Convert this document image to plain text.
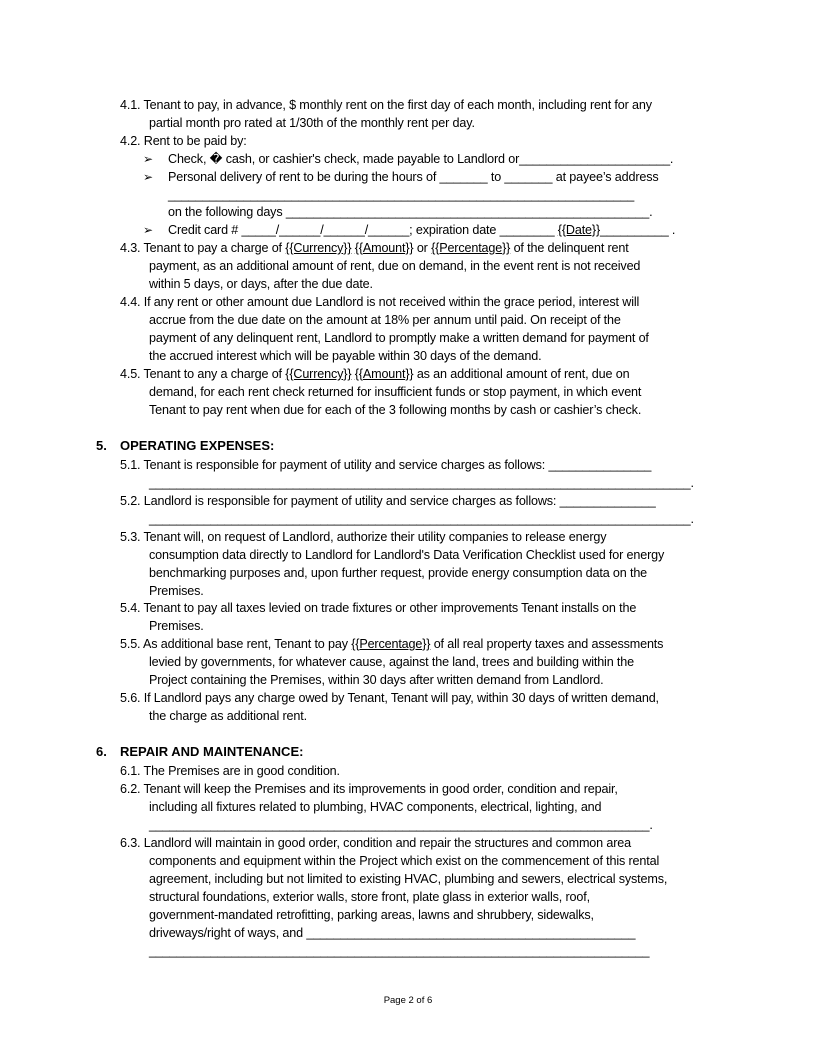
4.1. Tenant to pay, in advance, $ monthly rent on the first day of each month, including rent for any
partial month pro rated at 1/30th of the monthly rent per day.
4.2. Rent to be paid by:
➢ Check, � cash, or cashier's check, made payable to Landlord or______________________.
➢ Personal delivery of rent to be during the hours of _______ to _______ at payee’s address
____________________________________________________________________
on the following days _____________________________________________________.
➢ Credit card # _____/______/______/______; expiration date ________ {{Date}}__________ .
4.3. Tenant to pay a charge of {{Currency}} {{Amount}} or {{Percentage}} of the delinquent rent
payment, as an additional amount of rent, due on demand, in the event rent is not received
within 5 days, or days, after the due date.
4.4. If any rent or other amount due Landlord is not received within the grace period, interest will
accrue from the due date on the amount at 18% per annum until paid. On receipt of the
payment of any delinquent rent, Landlord to promptly make a written demand for payment of
the accrued interest which will be payable within 30 days of the demand.
4.5. Tenant to any a charge of {{Currency}} {{Amount}} as an additional amount of rent, due on
demand, for each rent check returned for insufficient funds or stop payment, in which event
Tenant to pay rent when due for each of the 3 following months by cash or cashier’s check.
5. OPERATING EXPENSES:
5.1. Tenant is responsible for payment of utility and service charges as follows: _______________
_______________________________________________________________________________.
5.2. Landlord is responsible for payment of utility and service charges as follows: ______________
_______________________________________________________________________________.
5.3. Tenant will, on request of Landlord, authorize their utility companies to release energy
consumption data directly to Landlord for Landlord's Data Verification Checklist used for energy
benchmarking purposes and, upon further request, provide energy consumption data on the
Premises.
5.4. Tenant to pay all taxes levied on trade fixtures or other improvements Tenant installs on the
Premises.
5.5. As additional base rent, Tenant to pay {{Percentage}} of all real property taxes and assessments
levied by governments, for whatever cause, against the land, trees and building within the
Project containing the Premises, within 30 days after written demand from Landlord.
5.6. If Landlord pays any charge owed by Tenant, Tenant will pay, within 30 days of written demand,
the charge as additional rent.
6. REPAIR AND MAINTENANCE:
6.1. The Premises are in good condition.
6.2. Tenant will keep the Premises and its improvements in good order, condition and repair,
including all fixtures related to plumbing, HVAC components, electrical, lighting, and
_________________________________________________________________________.
6.3. Landlord will maintain in good order, condition and repair the structures and common area
components and equipment within the Project which exist on the commencement of this rental
agreement, including but not limited to existing HVAC, plumbing and sewers, electrical systems,
structural foundations, exterior walls, store front, plate glass in exterior walls, roof,
government-mandated retrofitting, parking areas, lawns and shrubbery, sidewalks,
driveways/right of ways, and ________________________________________________
_________________________________________________________________________
Page 2 of 6
